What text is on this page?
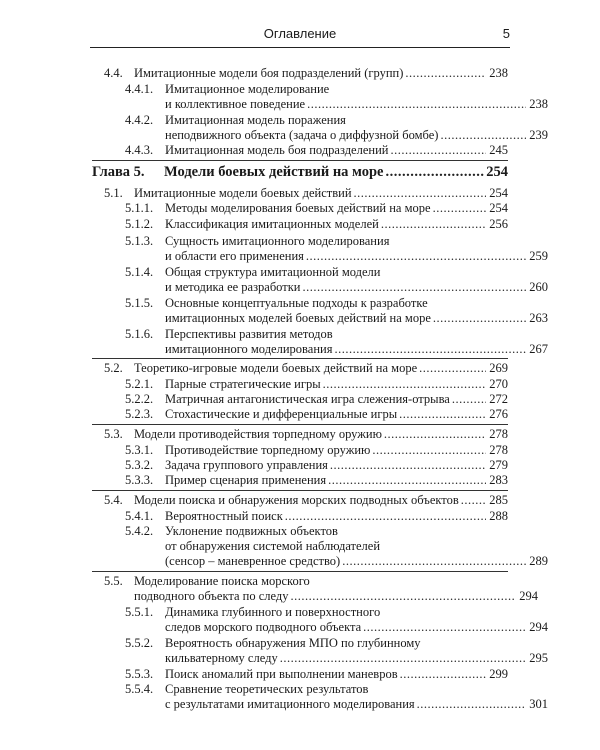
Оглавление	5
4.4. Имитационные модели боя подразделений (групп) .....	238
4.4.1. Имитационное моделирование
и коллективное поведение .....	238
4.4.2. Имитационная модель поражения
неподвижного объекта (задача о диффузной бомбе) .....	239
4.4.3. Имитационная модель боя подразделений .....	245
Глава 5.	Модели боевых действий на море .....	254
5.1. Имитационные модели боевых действий .....	254
5.1.1. Методы моделирования боевых действий на море .....	254
5.1.2. Классификация имитационных моделей .....	256
5.1.3. Сущность имитационного моделирования
и области его применения .....	259
5.1.4. Общая структура имитационной модели
и методика ее разработки .....	260
5.1.5. Основные концептуальные подходы к разработке
имитационных моделей боевых действий на море .....	263
5.1.6. Перспективы развития методов
имитационного моделирования .....	267
5.2. Теоретико-игровые модели боевых действий на море .....	269
5.2.1. Парные стратегические игры .....	270
5.2.2. Матричная антагонистическая игра слежения-отрыва .....	272
5.2.3. Стохастические и дифференциальные игры .....	276
5.3. Модели противодействия торпедному оружию .....	278
5.3.1. Противодействие торпедному оружию .....	278
5.3.2. Задача группового управления .....	279
5.3.3. Пример сценария применения .....	283
5.4. Модели поиска и обнаружения морских подводных объектов ..... 285
5.4.1. Вероятностный поиск .....	288
5.4.2. Уклонение подвижных объектов
от обнаружения системой наблюдателей
(сенсор – маневренное средство) .....	289
5.5. Моделирование поиска морского
подводного объекта по следу .....	294
5.5.1. Динамика глубинного и поверхностного
следов морского подводного объекта .....	294
5.5.2. Вероятность обнаружения МПО по глубинному
кильватерному следу .....	295
5.5.3. Поиск аномалий при выполнении маневров .....	299
5.5.4. Сравнение теоретических результатов
с результатами имитационного моделирования .....	301
